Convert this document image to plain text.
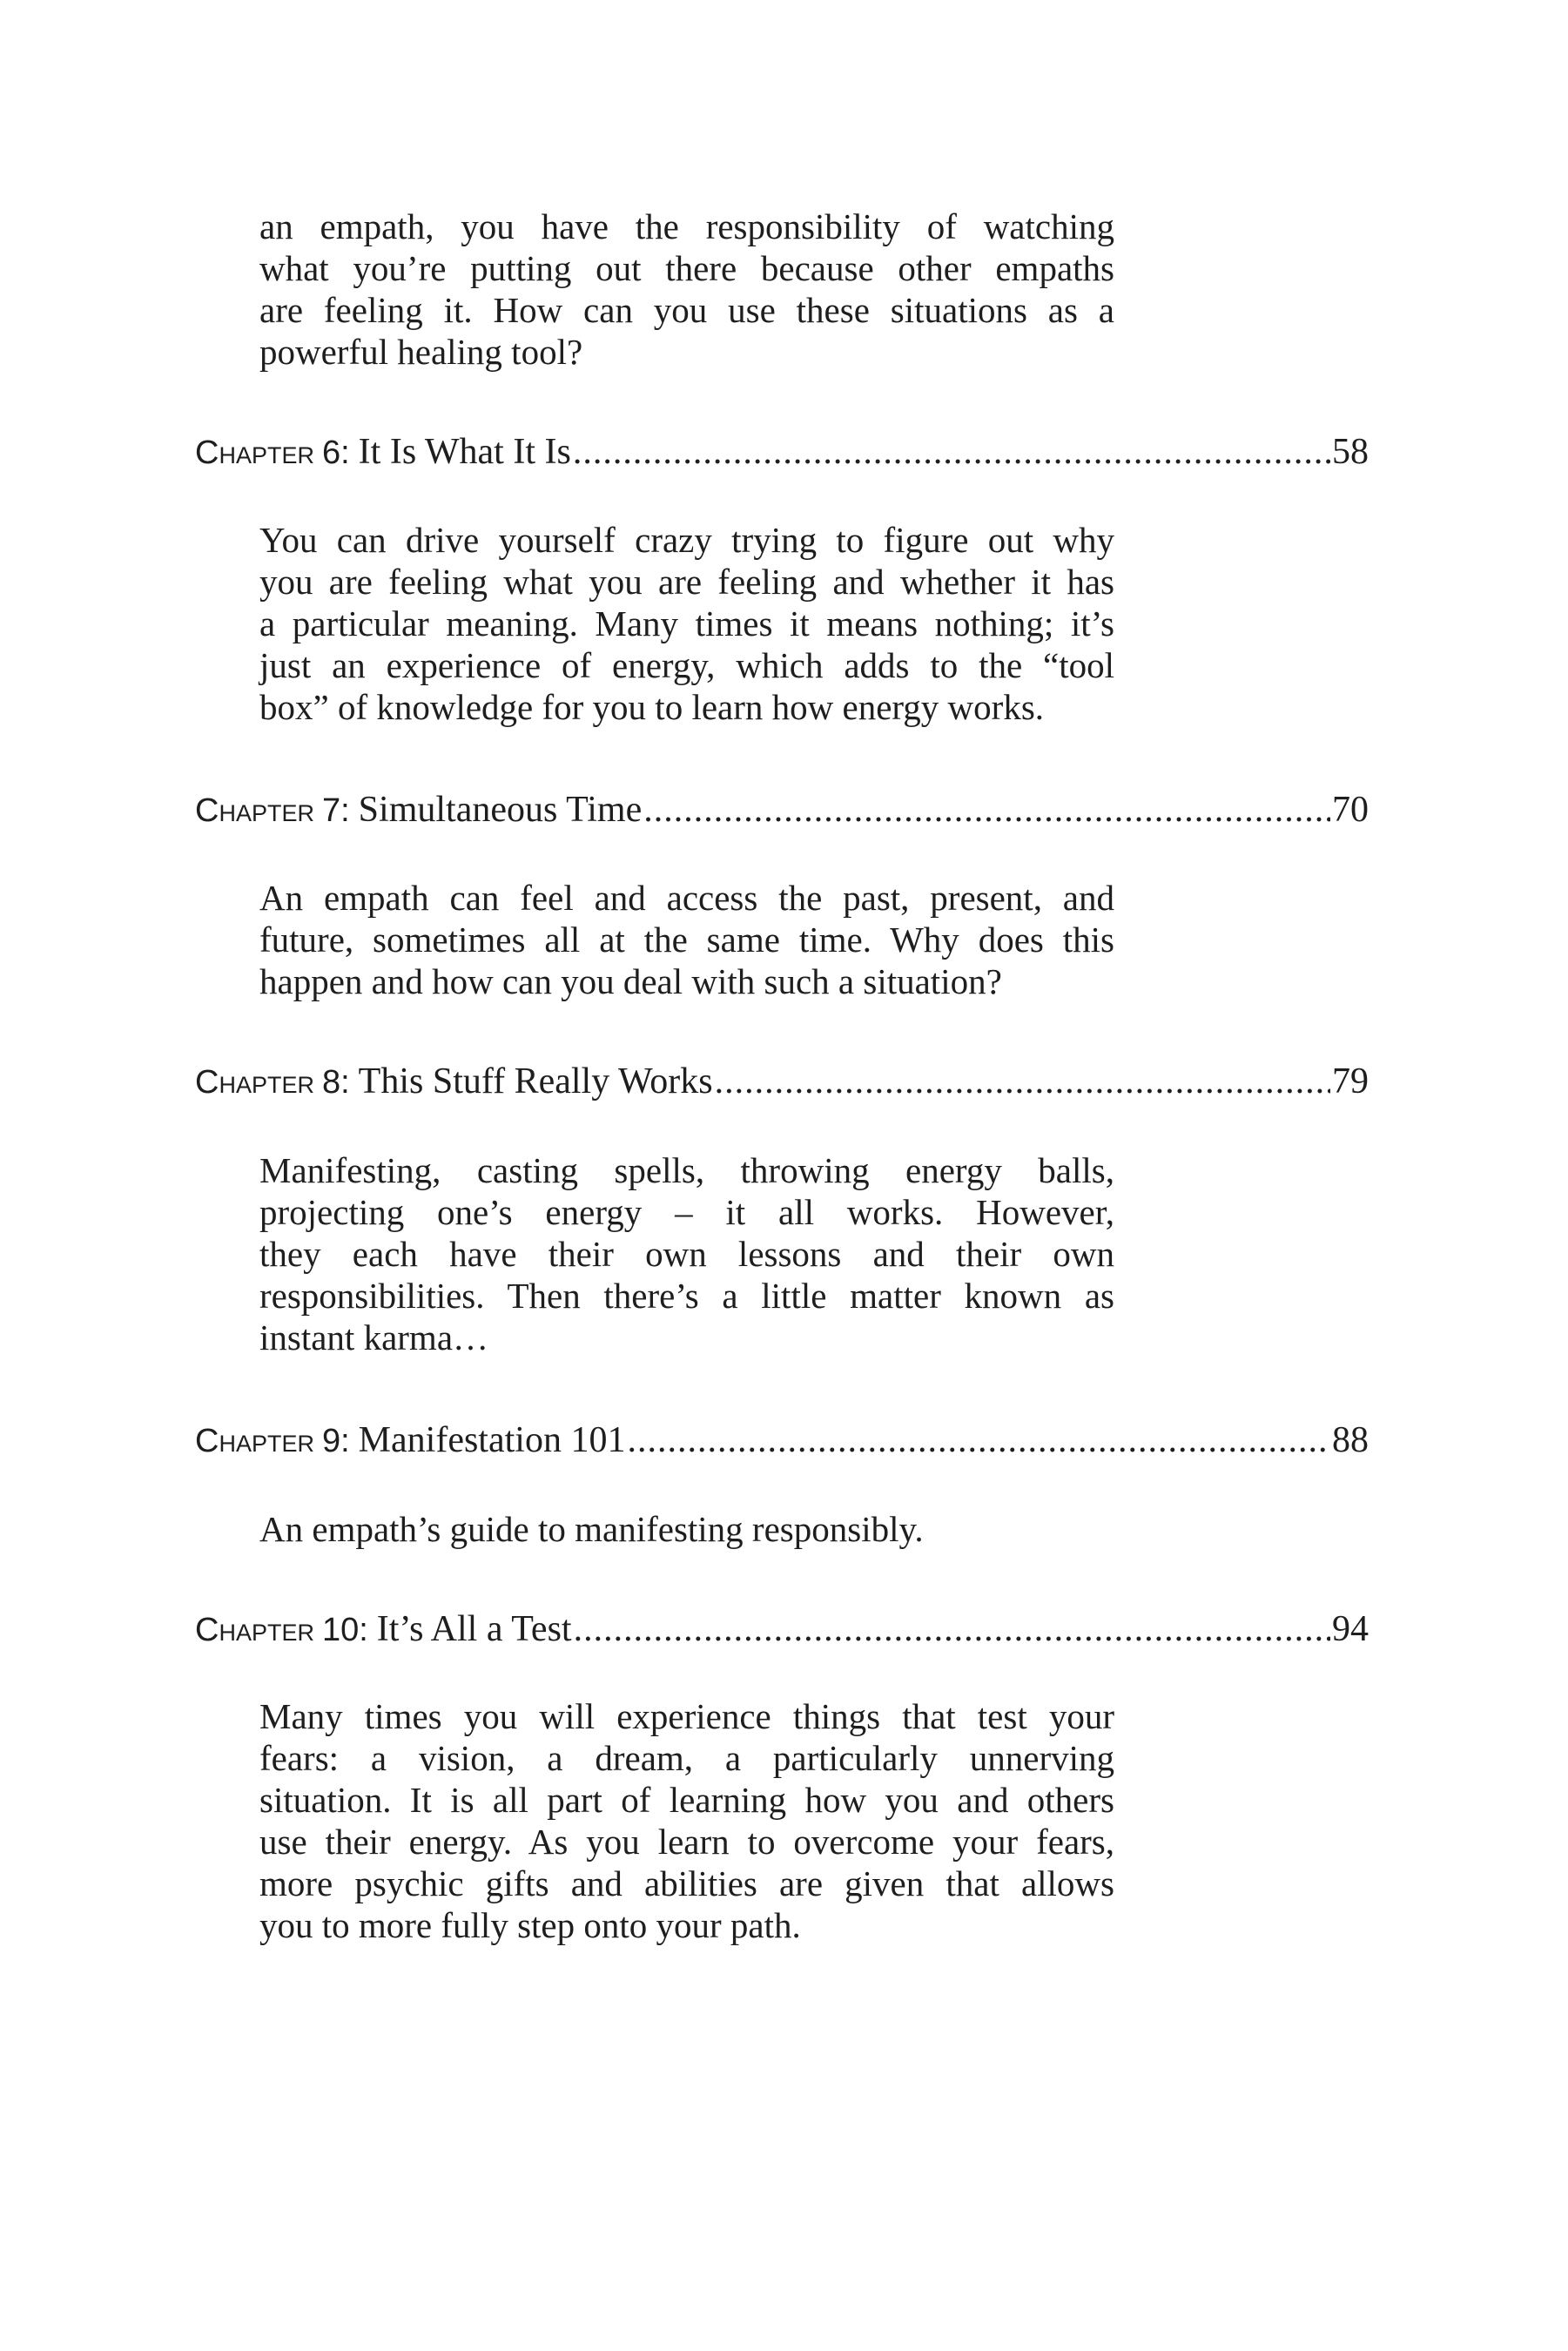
an empath, you have the responsibility of watching
what you’re putting out there because other empaths
are feeling it. How can you use these situations as a
powerful healing tool?
Chapter 6: It Is What It Is .....	58
You can drive yourself crazy trying to figure out why
you are feeling what you are feeling and whether it has
a particular meaning. Many times it means nothing; it’s
just an experience of energy, which adds to the “tool
box” of knowledge for you to learn how energy works.
Chapter 7: Simultaneous Time .....	70
An empath can feel and access the past, present, and
future, sometimes all at the same time. Why does this
happen and how can you deal with such a situation?
Chapter 8: This Stuff Really Works .....	79
Manifesting, casting spells, throwing energy balls,
projecting one’s energy – it all works. However,
they each have their own lessons and their own
responsibilities. Then there’s a little matter known as
instant karma…
Chapter 9: Manifestation 101 .....	88
An empath’s guide to manifesting responsibly.
Chapter 10: It’s All a Test .....	94
Many times you will experience things that test your
fears: a vision, a dream, a particularly unnerving
situation. It is all part of learning how you and others
use their energy. As you learn to overcome your fears,
more psychic gifts and abilities are given that allows
you to more fully step onto your path.
